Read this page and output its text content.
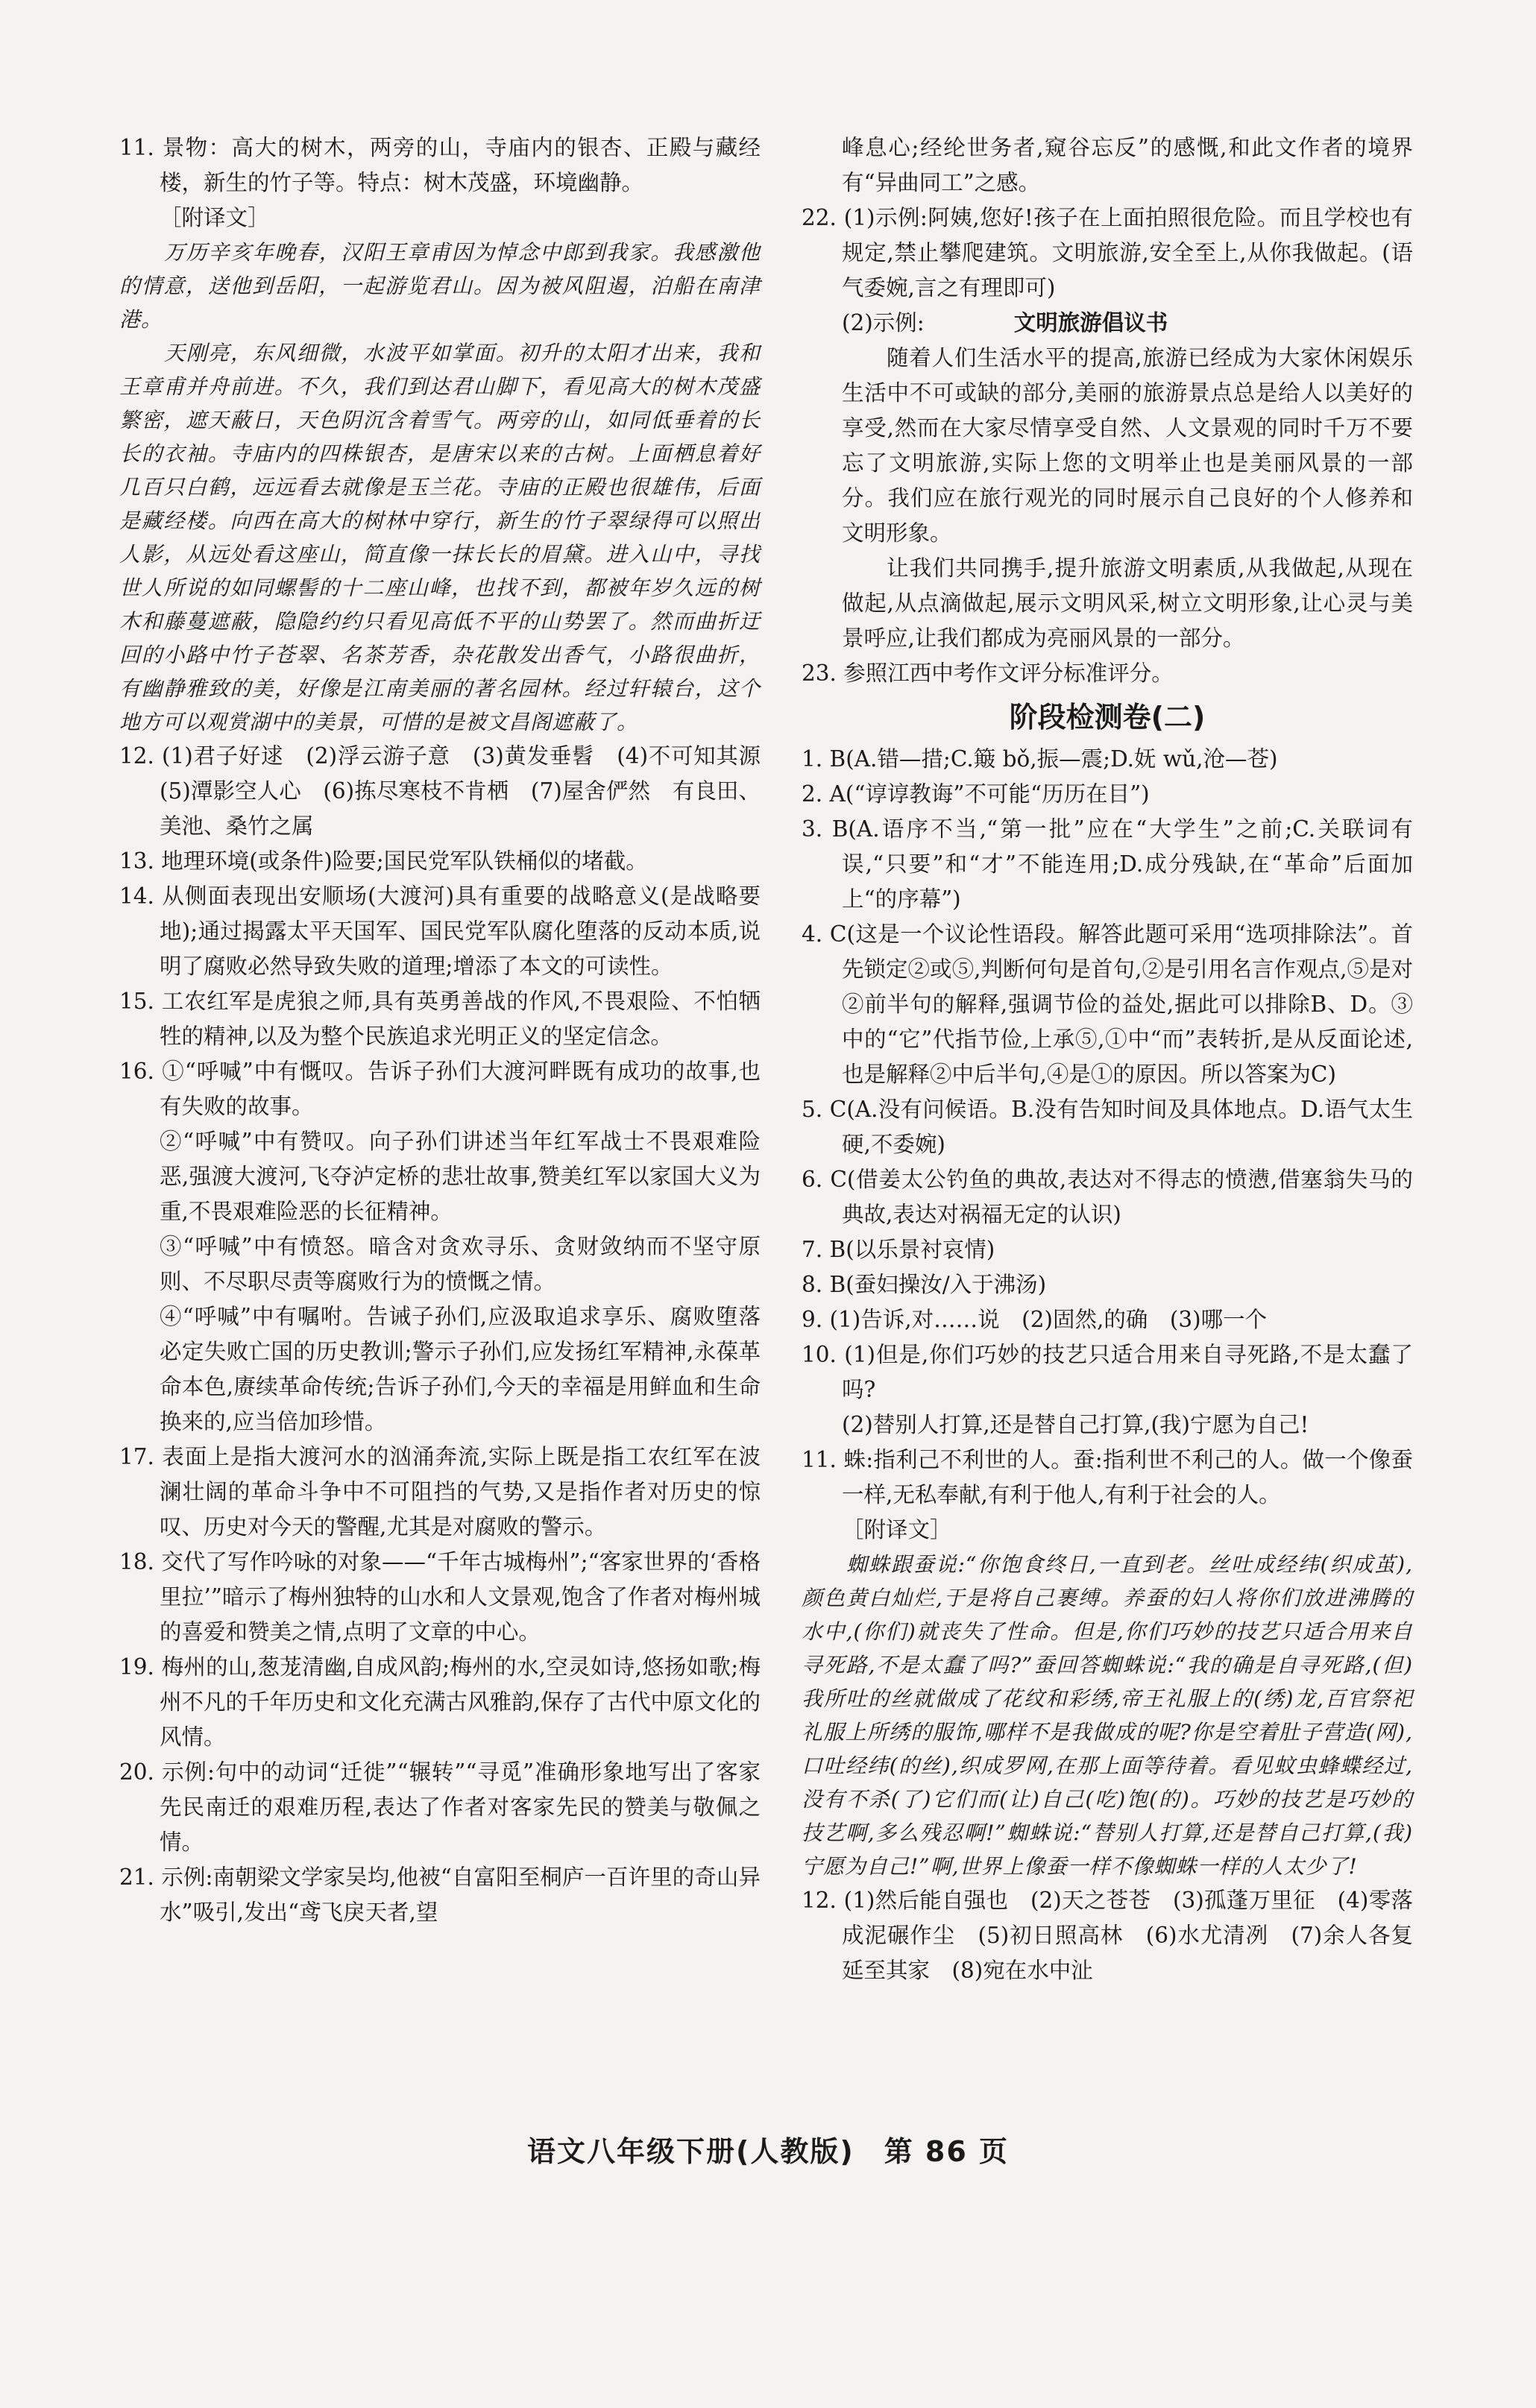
11. 景物：高大的树木，两旁的山，寺庙内的银杏、正殿与藏经楼，新生的竹子等。特点：树木茂盛，环境幽静。

［附译文］

万历辛亥年晚春，汉阳王章甫因为悼念中郎到我家。我感激他的情意，送他到岳阳，一起游览君山。因为被风阻遏，泊船在南津港。

天刚亮，东风细微，水波平如掌面。初升的太阳才出来，我和王章甫并舟前进。不久，我们到达君山脚下，看见高大的树木茂盛繁密，遮天蔽日，天色阴沉含着雪气。两旁的山，如同低垂着的长长的衣袖。寺庙内的四株银杏，是唐宋以来的古树。上面栖息着好几百只白鹤，远远看去就像是玉兰花。寺庙的正殿也很雄伟，后面是藏经楼。向西在高大的树林中穿行，新生的竹子翠绿得可以照出人影，从远处看这座山，简直像一抹长长的眉黛。进入山中，寻找世人所说的如同螺髻的十二座山峰，也找不到，都被年岁久远的树木和藤蔓遮蔽，隐隐约约只看见高低不平的山势罢了。然而曲折迂回的小路中竹子苍翠、名茶芳香，杂花散发出香气，小路很曲折，有幽静雅致的美，好像是江南美丽的著名园林。经过轩辕台，这个地方可以观赏湖中的美景，可惜的是被文昌阁遮蔽了。

12. (1)君子好逑　(2)浮云游子意　(3)黄发垂髫　(4)不可知其源　(5)潭影空人心　(6)拣尽寒枝不肯栖　(7)屋舍俨然　有良田、美池、桑竹之属

13. 地理环境(或条件)险要;国民党军队铁桶似的堵截。

14. 从侧面表现出安顺场(大渡河)具有重要的战略意义(是战略要地);通过揭露太平天国军、国民党军队腐化堕落的反动本质,说明了腐败必然导致失败的道理;增添了本文的可读性。

15. 工农红军是虎狼之师,具有英勇善战的作风,不畏艰险、不怕牺牲的精神,以及为整个民族追求光明正义的坚定信念。

16. ①“呼喊”中有慨叹。告诉子孙们大渡河畔既有成功的故事,也有失败的故事。

②“呼喊”中有赞叹。向子孙们讲述当年红军战士不畏艰难险恶,强渡大渡河,飞夺泸定桥的悲壮故事,赞美红军以家国大义为重,不畏艰难险恶的长征精神。

③“呼喊”中有愤怒。暗含对贪欢寻乐、贪财敛纳而不坚守原则、不尽职尽责等腐败行为的愤慨之情。

④“呼喊”中有嘱咐。告诫子孙们,应汲取追求享乐、腐败堕落必定失败亡国的历史教训;警示子孙们,应发扬红军精神,永葆革命本色,赓续革命传统;告诉子孙们,今天的幸福是用鲜血和生命换来的,应当倍加珍惜。

17. 表面上是指大渡河水的汹涌奔流,实际上既是指工农红军在波澜壮阔的革命斗争中不可阻挡的气势,又是指作者对历史的惊叹、历史对今天的警醒,尤其是对腐败的警示。

18. 交代了写作吟咏的对象——“千年古城梅州”;“客家世界的‘香格里拉’”暗示了梅州独特的山水和人文景观,饱含了作者对梅州城的喜爱和赞美之情,点明了文章的中心。

19. 梅州的山,葱茏清幽,自成风韵;梅州的水,空灵如诗,悠扬如歌;梅州不凡的千年历史和文化充满古风雅韵,保存了古代中原文化的风情。

20. 示例:句中的动词“迁徙”“辗转”“寻觅”准确形象地写出了客家先民南迁的艰难历程,表达了作者对客家先民的赞美与敬佩之情。

21. 示例:南朝梁文学家吴均,他被“自富阳至桐庐一百许里的奇山异水”吸引,发出“鸢飞戾天者,望

峰息心;经纶世务者,窥谷忘反”的感慨,和此文作者的境界有“异曲同工”之感。

22. (1)示例:阿姨,您好!孩子在上面拍照很危险。而且学校也有规定,禁止攀爬建筑。文明旅游,安全至上,从你我做起。(语气委婉,言之有理即可)

(2)示例:	文明旅游倡议书

随着人们生活水平的提高,旅游已经成为大家休闲娱乐生活中不可或缺的部分,美丽的旅游景点总是给人以美好的享受,然而在大家尽情享受自然、人文景观的同时千万不要忘了文明旅游,实际上您的文明举止也是美丽风景的一部分。我们应在旅行观光的同时展示自己良好的个人修养和文明形象。

让我们共同携手,提升旅游文明素质,从我做起,从现在做起,从点滴做起,展示文明风采,树立文明形象,让心灵与美景呼应,让我们都成为亮丽风景的一部分。

23. 参照江西中考作文评分标准评分。

阶段检测卷(二)

1. B(A.错—措;C.簸 bǒ,振—震;D.妩 wǔ,沧—苍)

2. A(“谆谆教诲”不可能“历历在目”)

3. B(A.语序不当,“第一批”应在“大学生”之前;C.关联词有误,“只要”和“才”不能连用;D.成分残缺,在“革命”后面加上“的序幕”)

4. C(这是一个议论性语段。解答此题可采用“选项排除法”。首先锁定②或⑤,判断何句是首句,②是引用名言作观点,⑤是对②前半句的解释,强调节俭的益处,据此可以排除B、D。③中的“它”代指节俭,上承⑤,①中“而”表转折,是从反面论述,也是解释②中后半句,④是①的原因。所以答案为C)

5. C(A.没有问候语。B.没有告知时间及具体地点。D.语气太生硬,不委婉)

6. C(借姜太公钓鱼的典故,表达对不得志的愤懑,借塞翁失马的典故,表达对祸福无定的认识)

7. B(以乐景衬哀情)

8. B(蚕妇操汝/入于沸汤)

9. (1)告诉,对……说　(2)固然,的确　(3)哪一个

10. (1)但是,你们巧妙的技艺只适合用来自寻死路,不是太蠢了吗?

(2)替别人打算,还是替自己打算,(我)宁愿为自己!

11. 蛛:指利己不利世的人。蚕:指利世不利己的人。做一个像蚕一样,无私奉献,有利于他人,有利于社会的人。

［附译文］

蜘蛛跟蚕说:“你饱食终日,一直到老。丝吐成经纬(织成茧),颜色黄白灿烂,于是将自己裹缚。养蚕的妇人将你们放进沸腾的水中,(你们)就丧失了性命。但是,你们巧妙的技艺只适合用来自寻死路,不是太蠢了吗?”蚕回答蜘蛛说:“我的确是自寻死路,(但)我所吐的丝就做成了花纹和彩绣,帝王礼服上的(绣)龙,百官祭祀礼服上所绣的服饰,哪样不是我做成的呢?你是空着肚子营造(网),口吐经纬(的丝),织成罗网,在那上面等待着。看见蚊虫蜂蝶经过,没有不杀(了)它们而(让)自己(吃)饱(的)。巧妙的技艺是巧妙的技艺啊,多么残忍啊!”蜘蛛说:“替别人打算,还是替自己打算,(我)宁愿为自己!”啊,世界上像蚕一样不像蜘蛛一样的人太少了!

12. (1)然后能自强也　(2)天之苍苍　(3)孤蓬万里征　(4)零落成泥碾作尘　(5)初日照高林　(6)水尤清冽　(7)余人各复延至其家　(8)宛在水中沚

语文八年级下册(人教版)　第 86 页
